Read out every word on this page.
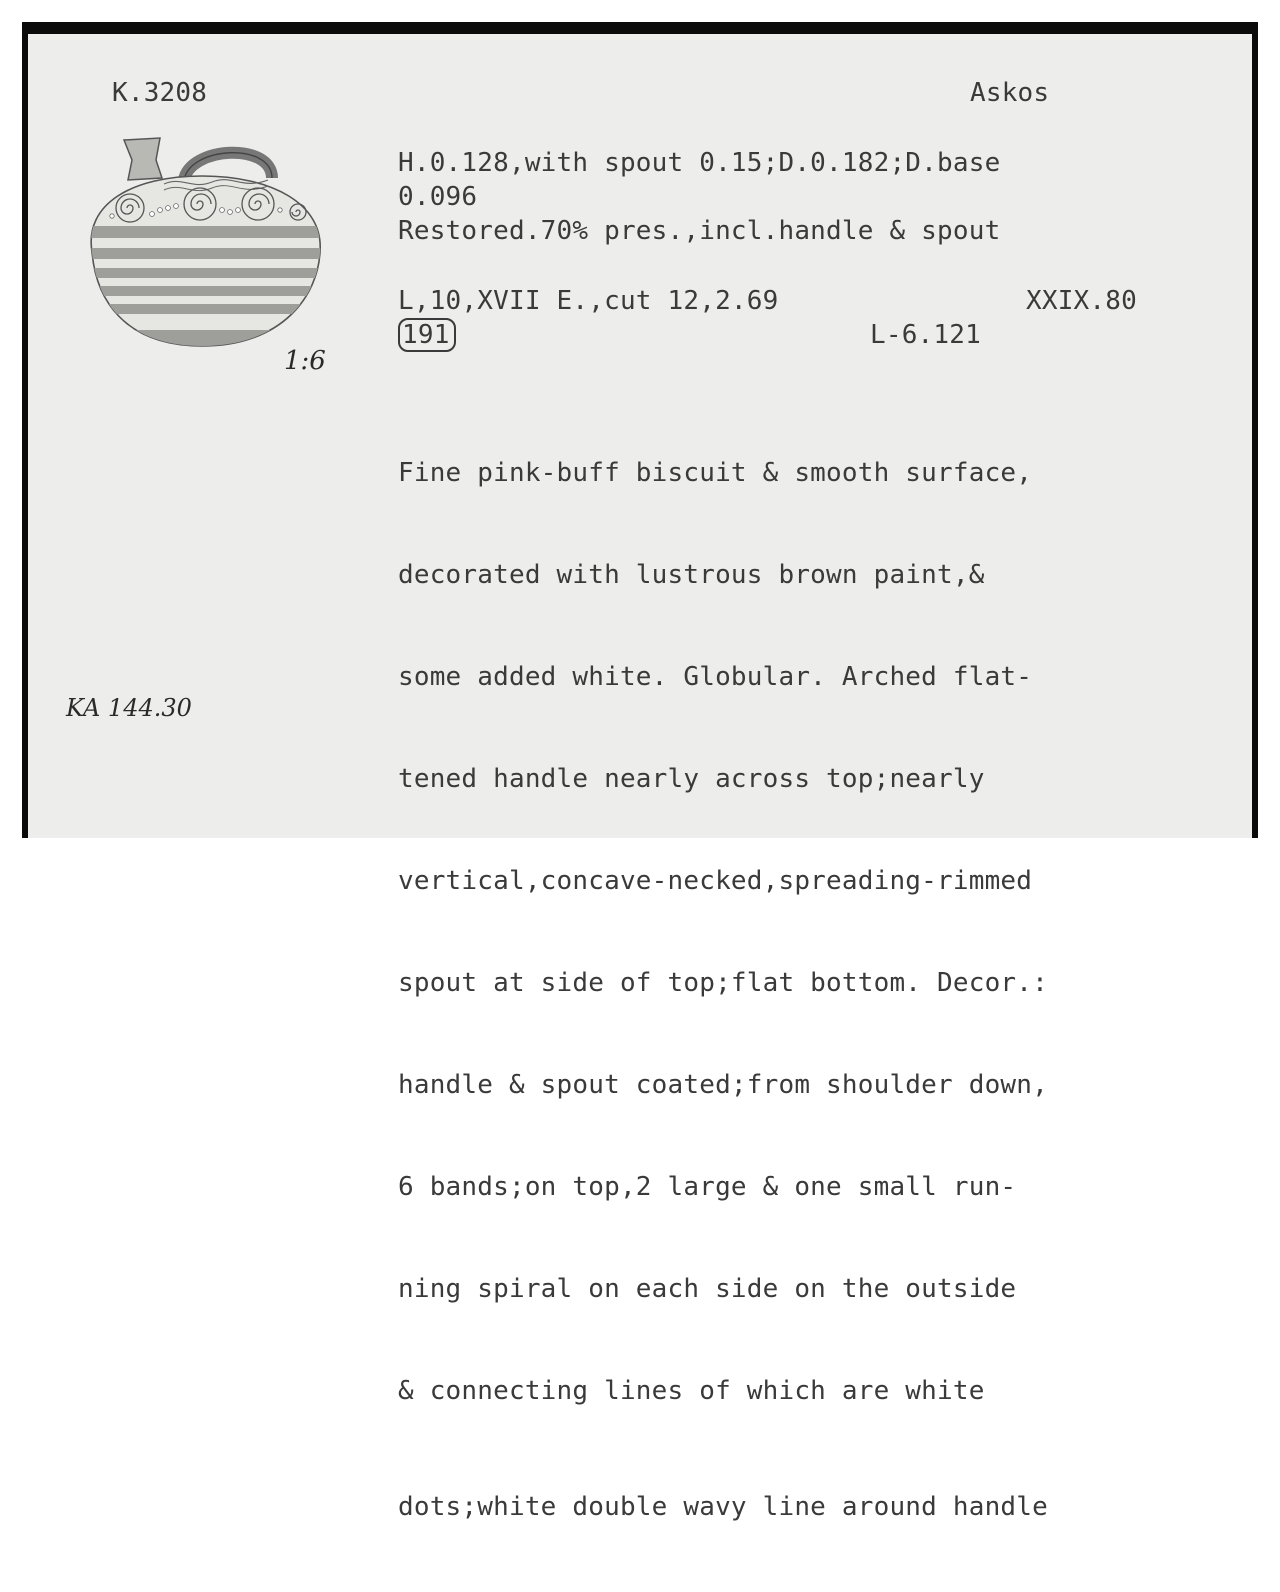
K.3208	Askos
1:6
H.0.128,with spout 0.15;D.0.182;D.base
0.096
Restored.70% pres.,incl.handle & spout
L,10,XVII E.,cut 12,2.69	XXIX.80
191	L-6.121

Fine pink-buff biscuit & smooth surface,

decorated with lustrous brown paint,&

some added white. Globular. Arched flat-

tened handle nearly across top;nearly

vertical,concave-necked,spreading-rimmed

spout at side of top;flat bottom. Decor.:

handle & spout coated;from shoulder down,

6 bands;on top,2 large & one small run-

ning spiral on each side on the outside

& connecting lines of which are white

dots;white double wavy line around handle

KA 144.30
